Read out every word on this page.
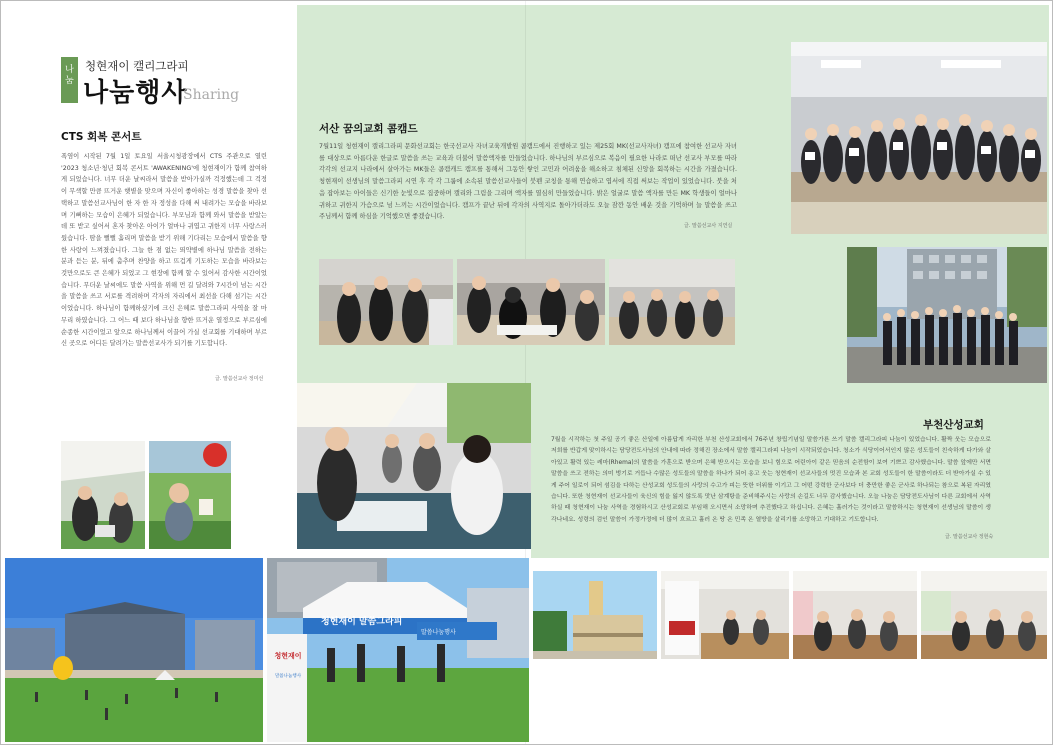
나눔
청현재이 캘리그라피
나눔행사
Sharing
CTS 회복 콘서트
폭염이 시작된 7월 1일 토요일 서울시청광장에서 CTS 주관으로 열린 '2023 청소년·청년 회복 콘서트 'AWAKENING'에 청현재이가 함께 참여하게 되었습니다. 너무 더운 날씨라서 말씀을 받아가실까 걱정했는데 그 걱정이 무색할 만큼 뜨거운 햇볕을 맞으며 자신이 좋아하는 성경 말씀을 찾아 선택하고 말씀선교사님이 한 자 한 자 정성을 다해 써 내려가는 모습을 바라보며 기뻐하는 모습이 은혜가 되었습니다. 부모님과 함께 와서 말씀을 받았는데 또 받고 싶어서 혼자 찾아온 아이가 얼마나 귀엽고 귀한지 너무 사랑스러웠습니다. 땀을 뻘뻘 흘리며 말씀을 받기 위해 기다리는 모습에서 말씀을 향한 사랑이 느껴졌습니다. 그늘 한 점 없는 뙤약볕에 하나님 말씀을 전하는 분과 듣는 분, 뒤에 춤추며 찬양을 하고 뜨겁게 기도하는 모습을 바라보는 것만으로도 큰 은혜가 되었고 그 현장에 함께 할 수 있어서 감사한 시간이었습니다. 무더운 날씨에도 말씀 사역을 위해 먼 길 달려와 7시간이 넘는 시간을 말씀을 쓰고 서로를 격려하며 각자의 자리에서 최선을 다해 섬기는 시간이었습니다. 하나님이 함께하셨기에 크신 은혜로 말씀그라피 사역을 잘 마무리 하였습니다. 그 어느 때 보다 하나님을 향한 뜨거운 열정으로 부르심에 순종한 시간이었고 앞으로 하나님께서 이끌어 가실 선교회를 기대하며 부르신 곳으로 어디든 달려가는 말씀선교사가 되기를 기도합니다.
글. 말씀선교사 정미선
서산 꿈의교회 콤캠드
7월11일 청현재이 캘리그라피 문화선교회는 한국선교사 자녀교육개발원 콤캠드에서 진행하고 있는 제25회 MK(선교사자녀) 캠프에 참여한 선교사 자녀를 대상으로 아름다운 한글로 말씀을 쓰는 교육과 더불어 말씀액자를 만들었습니다. 하나님의 부르심으로 복음이 필요한 나라로 떠난 선교사 부모를 따라 각각의 선교지 나라에서 살아가는 MK들은 콤캠캐드 캠프를 통해서 그동안 쌓인 고민과 어려움을 해소하고 침체된 신앙을 회복하는 시간을 가졌습니다. 청현재이 선생님의 말씀그라피 시연 후 각 각 그룹에 소속된 말씀선교사들이 붓펜 코칭을 통해 연습하고 엽서에 직접 써보는 작업이 있었습니다. 붓을 처음 잡아보는 아이들은 신기한 눈빛으로 집중하며 캘리와 그림을 그리며 액자를 열심히 만들었습니다. 밝은 얼굴로 말씀 액자를 만든 MK 학생들이 얼마나 귀하고 귀한지 가슴으로 넘 느끼는 시간이었습니다. 캠프가 끝난 뒤에 각자의 사역지로 돌아가더라도 오늘 잠깐 동안 배운 것을 기억하며 늘 말씀을 쓰고 주님께서 함께 하심을 기억했으면 좋겠습니다.
글. 말씀선교사 지연실
부천산성교회
7월을 시작하는 첫 주일 공기 좋은 산일에 아름답게 자리한 부천 산성교회에서 76주년 창립기념일 말씀가룐 쓰기 말씀 캘리그라피 나눔이 있었습니다. 활짝 웃는 모습으로 저희를 반갑게 맞이하시는 담당전도사님의 안내에 따라 정해진 장소에서 말씀 캘리그라피 나눔이 시작되었습니다. 청소가 식당이어서인지 많은 성도들이 친숙하게 다가와 살아있고 활력 있는 레마(Rhema)의 말씀을 가훈으로 받으며 은혜 받으시는 모습을 보니 힘으로 어린아이 같은 믿음의 순전함이 보여 기쁘고 감사했습니다. 말씀 앞에만 서면 말씀을 쓰고 전하는 의미 벙기로 거듭나 수많은 성도들의 말씀을 하나가 되어 옹고 웃는 청현재이 선교사들의 멋진 모습과 본 교회 성도들이 한 말씀이라도 더 받아가실 수 있게 주어 일로이 되어 섬김을 다하는 산성교회 성도들의 사랑의 수고가 피는 뜻한 더위를 이기고 그 어떤 강력한 군사보다 더 충만한 좋은 군사로 하나되는 참으로 복된 자리였습니다. 또한 청현재이 선교사들이 육신의 힘을 잃지 않도록 맛난 삼계탕을 준비해주시는 사랑의 손길도 너무 감사했습니다. 오늘 나눔은 담당전도사님이 다른 교회에서 사역하실 때 청현재이 나눔 사역을 경험하시고 산성교회로 부임해 오시면서 소망하며 추진했다고 하십니다. 은혜는 흘러가는 것이라고 말씀하시는 청현재이 선생님의 말씀이 생각나네요. 성령의 검인 말씀이 가정가정에 더 많이 흐르고 흘러 온 땅 온 민족 온 열방을 살리기를 소망하고 기대하고 기도합니다.
글. 말씀선교사 정현숙
청현재이 말씀그라피
말씀나눔행사
청현재이
말씀나눔행사
